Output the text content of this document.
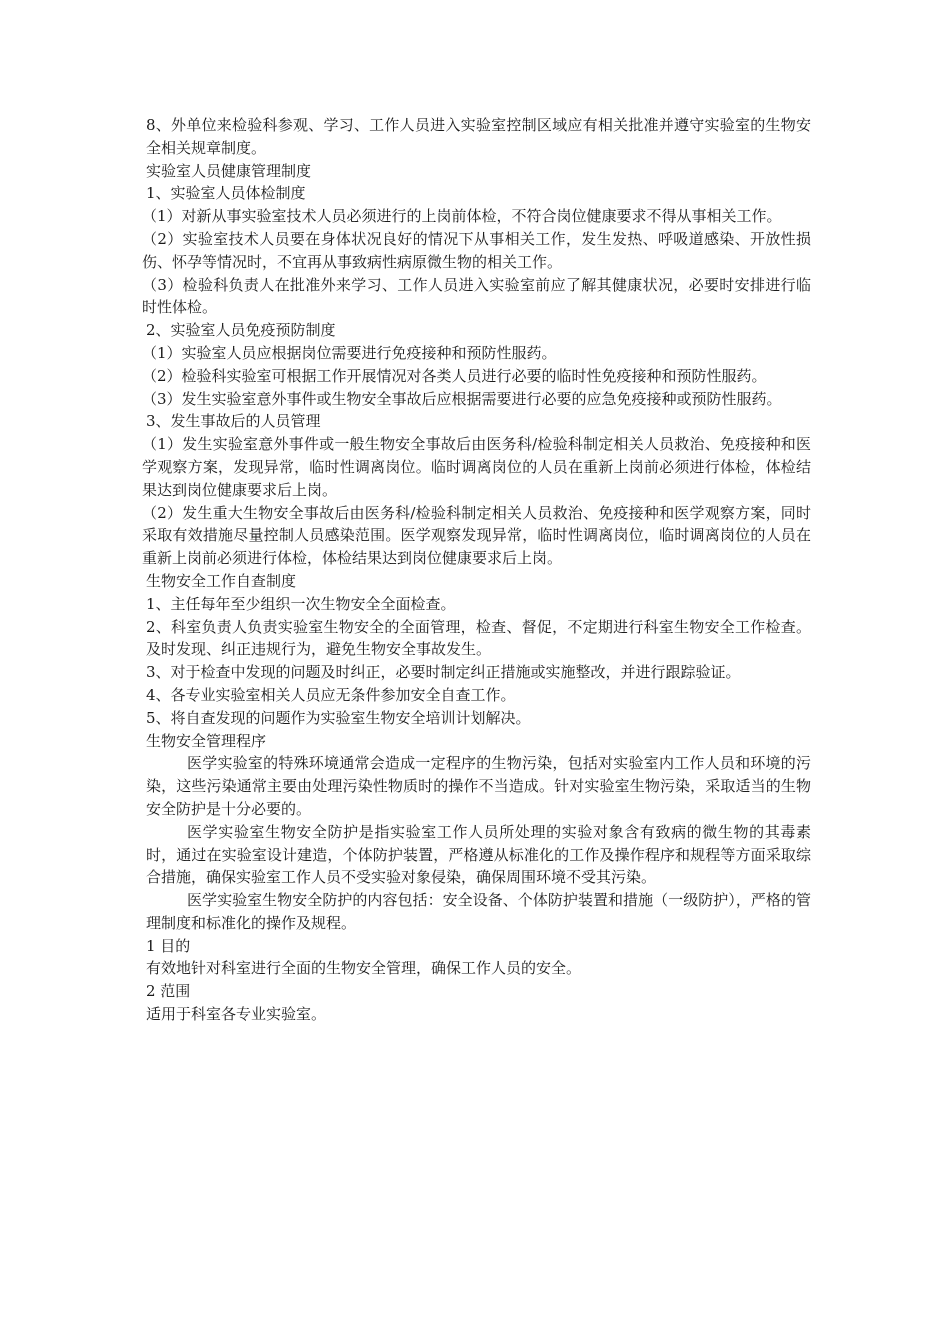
8、外单位来检验科参观、学习、工作人员进入实验室控制区域应有相关批准并遵守实验室的生物安全相关规章制度。

实验室人员健康管理制度

1、实验室人员体检制度

（1）对新从事实验室技术人员必须进行的上岗前体检，不符合岗位健康要求不得从事相关工作。

（2）实验室技术人员要在身体状况良好的情况下从事相关工作，发生发热、呼吸道感染、开放性损伤、怀孕等情况时，不宜再从事致病性病原微生物的相关工作。

（3）检验科负责人在批准外来学习、工作人员进入实验室前应了解其健康状况，必要时安排进行临时性体检。

2、实验室人员免疫预防制度

（1）实验室人员应根据岗位需要进行免疫接种和预防性服药。

（2）检验科实验室可根据工作开展情况对各类人员进行必要的临时性免疫接种和预防性服药。

（3）发生实验室意外事件或生物安全事故后应根据需要进行必要的应急免疫接种或预防性服药。

3、发生事故后的人员管理

（1）发生实验室意外事件或一般生物安全事故后由医务科/检验科制定相关人员救治、免疫接种和医学观察方案，发现异常，临时性调离岗位。临时调离岗位的人员在重新上岗前必须进行体检，体检结果达到岗位健康要求后上岗。

（2）发生重大生物安全事故后由医务科/检验科制定相关人员救治、免疫接种和医学观察方案，同时采取有效措施尽量控制人员感染范围。医学观察发现异常，临时性调离岗位，临时调离岗位的人员在重新上岗前必须进行体检，体检结果达到岗位健康要求后上岗。

生物安全工作自查制度

1、主任每年至少组织一次生物安全全面检查。

2、科室负责人负责实验室生物安全的全面管理，检查、督促，不定期进行科室生物安全工作检查。及时发现、纠正违规行为，避免生物安全事故发生。

3、对于检查中发现的问题及时纠正，必要时制定纠正措施或实施整改，并进行跟踪验证。

4、各专业实验室相关人员应无条件参加安全自查工作。

5、将自查发现的问题作为实验室生物安全培训计划解决。

生物安全管理程序

医学实验室的特殊环境通常会造成一定程序的生物污染，包括对实验室内工作人员和环境的污染，这些污染通常主要由处理污染性物质时的操作不当造成。针对实验室生物污染，采取适当的生物安全防护是十分必要的。

医学实验室生物安全防护是指实验室工作人员所处理的实验对象含有致病的微生物的其毒素时，通过在实验室设计建造，个体防护装置，严格遵从标准化的工作及操作程序和规程等方面采取综合措施，确保实验室工作人员不受实验对象侵染，确保周围环境不受其污染。

医学实验室生物安全防护的内容包括：安全设备、个体防护装置和措施（一级防护），严格的管理制度和标准化的操作及规程。

1 目的

有效地针对科室进行全面的生物安全管理，确保工作人员的安全。

2 范围

适用于科室各专业实验室。
